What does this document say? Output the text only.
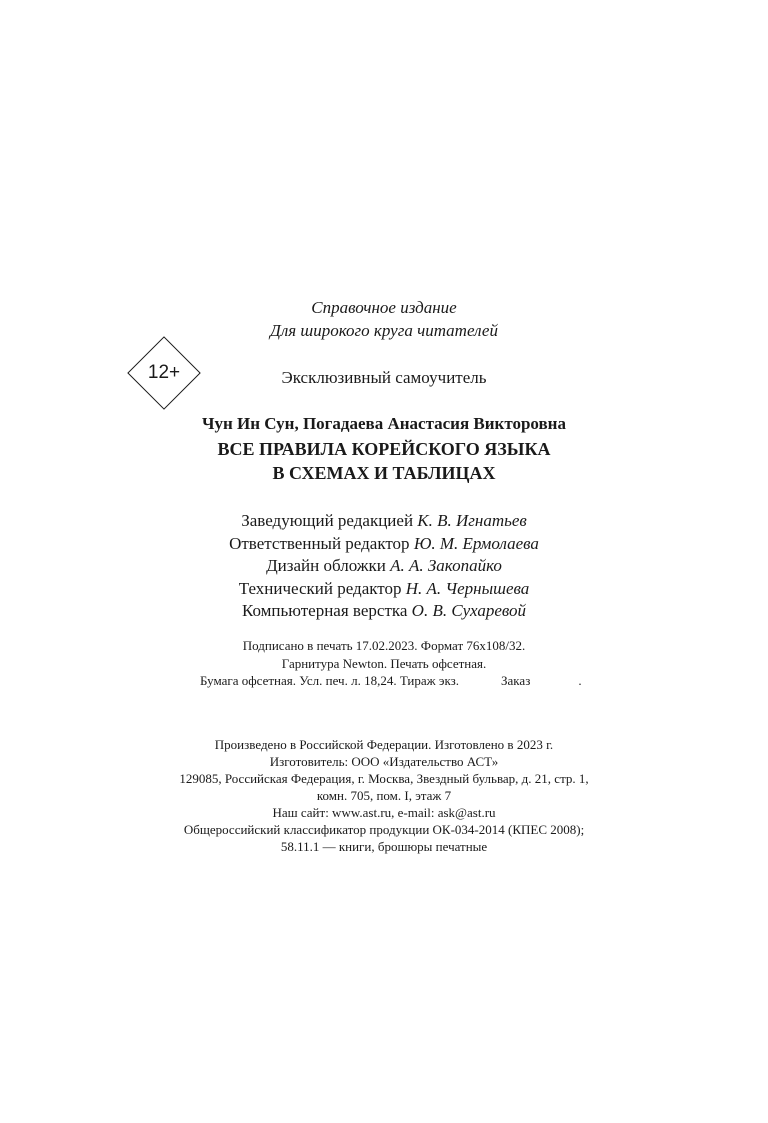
Справочное издание

Для широкого круга читателей

12+	Эксклюзивный самоучитель

Чун Ин Сун, Погадаева Анастасия Викторовна

ВСЕ ПРАВИЛА КОРЕЙСКОГО ЯЗЫКА

В СХЕМАХ И ТАБЛИЦАХ

Заведующий редакцией К. В. Игнатьев

Ответственный редактор Ю. М. Ермолаева

Дизайн обложки А. А. Закопайко

Технический редактор Н. А. Чернышева

Компьютерная верстка О. В. Сухаревой

Подписано в печать 17.02.2023. Формат 76x108/32.

Гарнитура Newton. Печать офсетная.

Бумага офсетная. Усл. печ. л. 18,24. Тираж экз.	Заказ	.

Произведено в Российской Федерации. Изготовлено в 2023 г.

Изготовитель: ООО «Издательство АСТ»

129085, Российская Федерация, г. Москва, Звездный бульвар, д. 21, стр. 1,

комн. 705, пом. I, этаж 7

Наш сайт: www.ast.ru, e-mail: ask@ast.ru

Общероссийский классификатор продукции ОК-034-2014 (КПЕС 2008);

58.11.1 — книги, брошюры печатные
